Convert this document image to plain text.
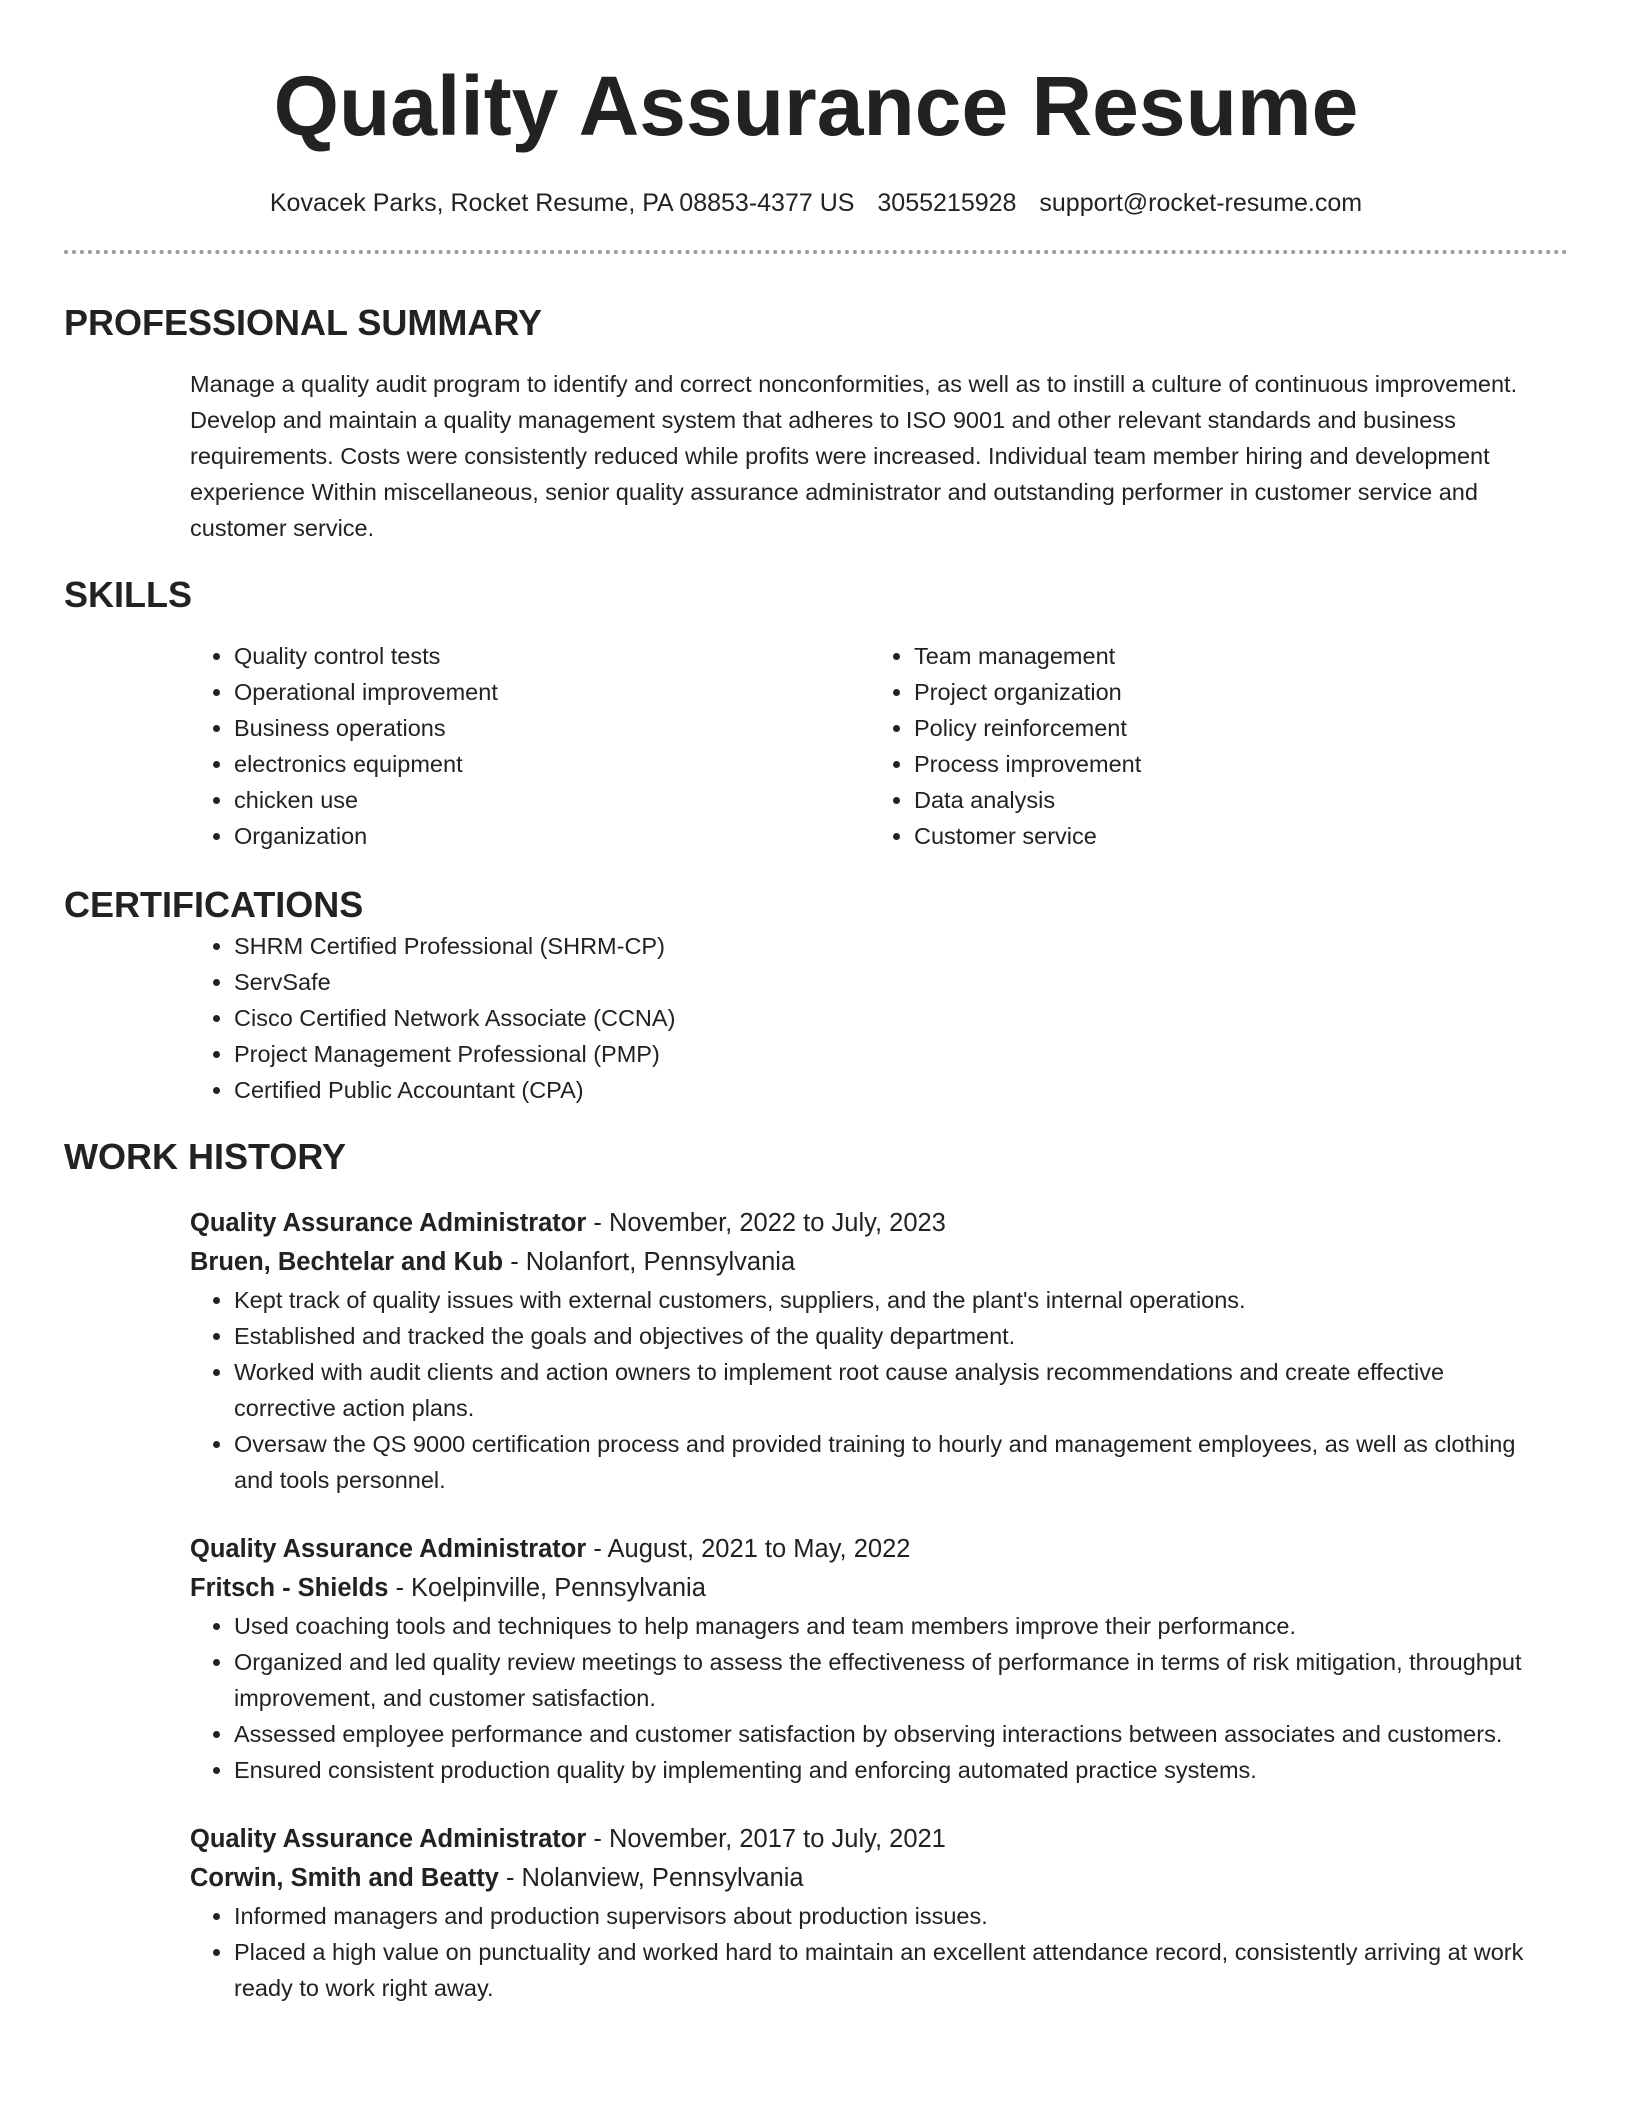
Quality Assurance Resume
Kovacek Parks, Rocket Resume, PA 08853-4377 US 3055215928 support@rocket-resume.com
PROFESSIONAL SUMMARY

Manage a quality audit program to identify and correct nonconformities, as well as to instill a culture of continuous improvement. Develop and maintain a quality management system that adheres to ISO 9001 and other relevant standards and business requirements. Costs were consistently reduced while profits were increased. Individual team member hiring and development experience Within miscellaneous, senior quality assurance administrator and outstanding performer in customer service and customer service.

SKILLS
• Quality control tests
• Operational improvement
• Business operations
• electronics equipment
• chicken use
• Organization
• Team management
• Project organization
• Policy reinforcement
• Process improvement
• Data analysis
• Customer service
CERTIFICATIONS
• SHRM Certified Professional (SHRM-CP)
• ServSafe
• Cisco Certified Network Associate (CCNA)
• Project Management Professional (PMP)
• Certified Public Accountant (CPA)
WORK HISTORY
Quality Assurance Administrator - November, 2022 to July, 2023
Bruen, Bechtelar and Kub - Nolanfort, Pennsylvania
• Kept track of quality issues with external customers, suppliers, and the plant's internal operations.
• Established and tracked the goals and objectives of the quality department.
• Worked with audit clients and action owners to implement root cause analysis recommendations and create effective corrective action plans.
• Oversaw the QS 9000 certification process and provided training to hourly and management employees, as well as clothing and tools personnel.
Quality Assurance Administrator - August, 2021 to May, 2022
Fritsch - Shields - Koelpinville, Pennsylvania
• Used coaching tools and techniques to help managers and team members improve their performance.
• Organized and led quality review meetings to assess the effectiveness of performance in terms of risk mitigation, throughput improvement, and customer satisfaction.
• Assessed employee performance and customer satisfaction by observing interactions between associates and customers.
• Ensured consistent production quality by implementing and enforcing automated practice systems.
Quality Assurance Administrator - November, 2017 to July, 2021
Corwin, Smith and Beatty - Nolanview, Pennsylvania
• Informed managers and production supervisors about production issues.
• Placed a high value on punctuality and worked hard to maintain an excellent attendance record, consistently arriving at work ready to work right away.
